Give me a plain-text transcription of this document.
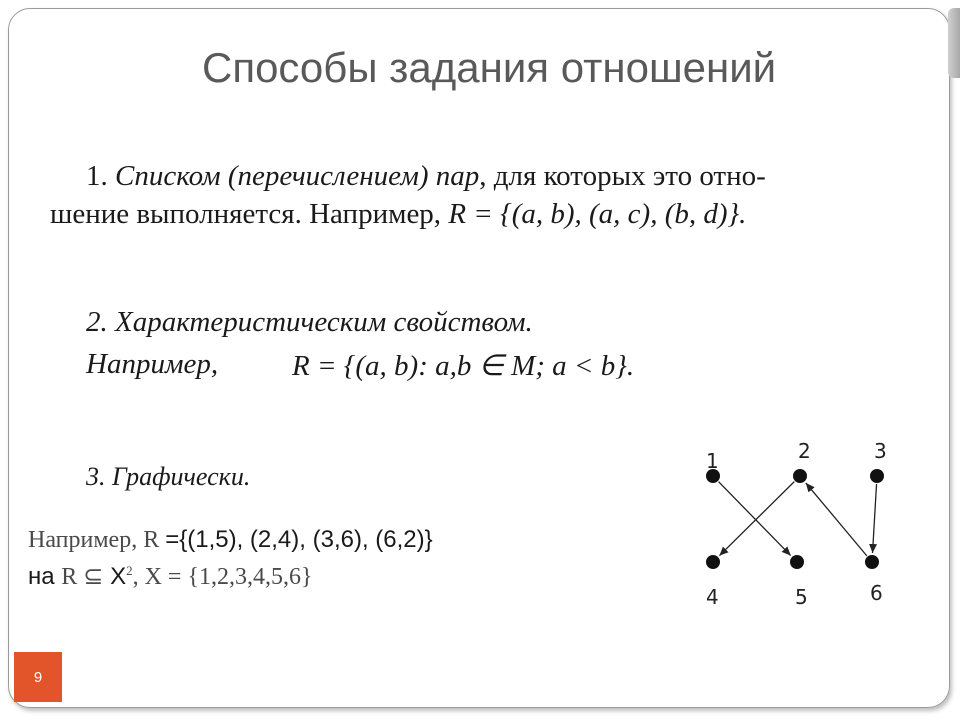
Способы задания отношений
1. Списком (перечислением) пар, для которых это отно-
шение выполняется. Например, R = {(a, b), (a, c), (b, d)}.
2. Характеристическим свойством.
Например,	R = {(a, b): a,b ∈ M; a < b}.
3. Графически.
Например, R ={(1,5), (2,4), (3,6), (6,2)}
на R ⊆ $X^2$, X = {1,2,3,4,5,6}
1	2	3
4	5	6
9
